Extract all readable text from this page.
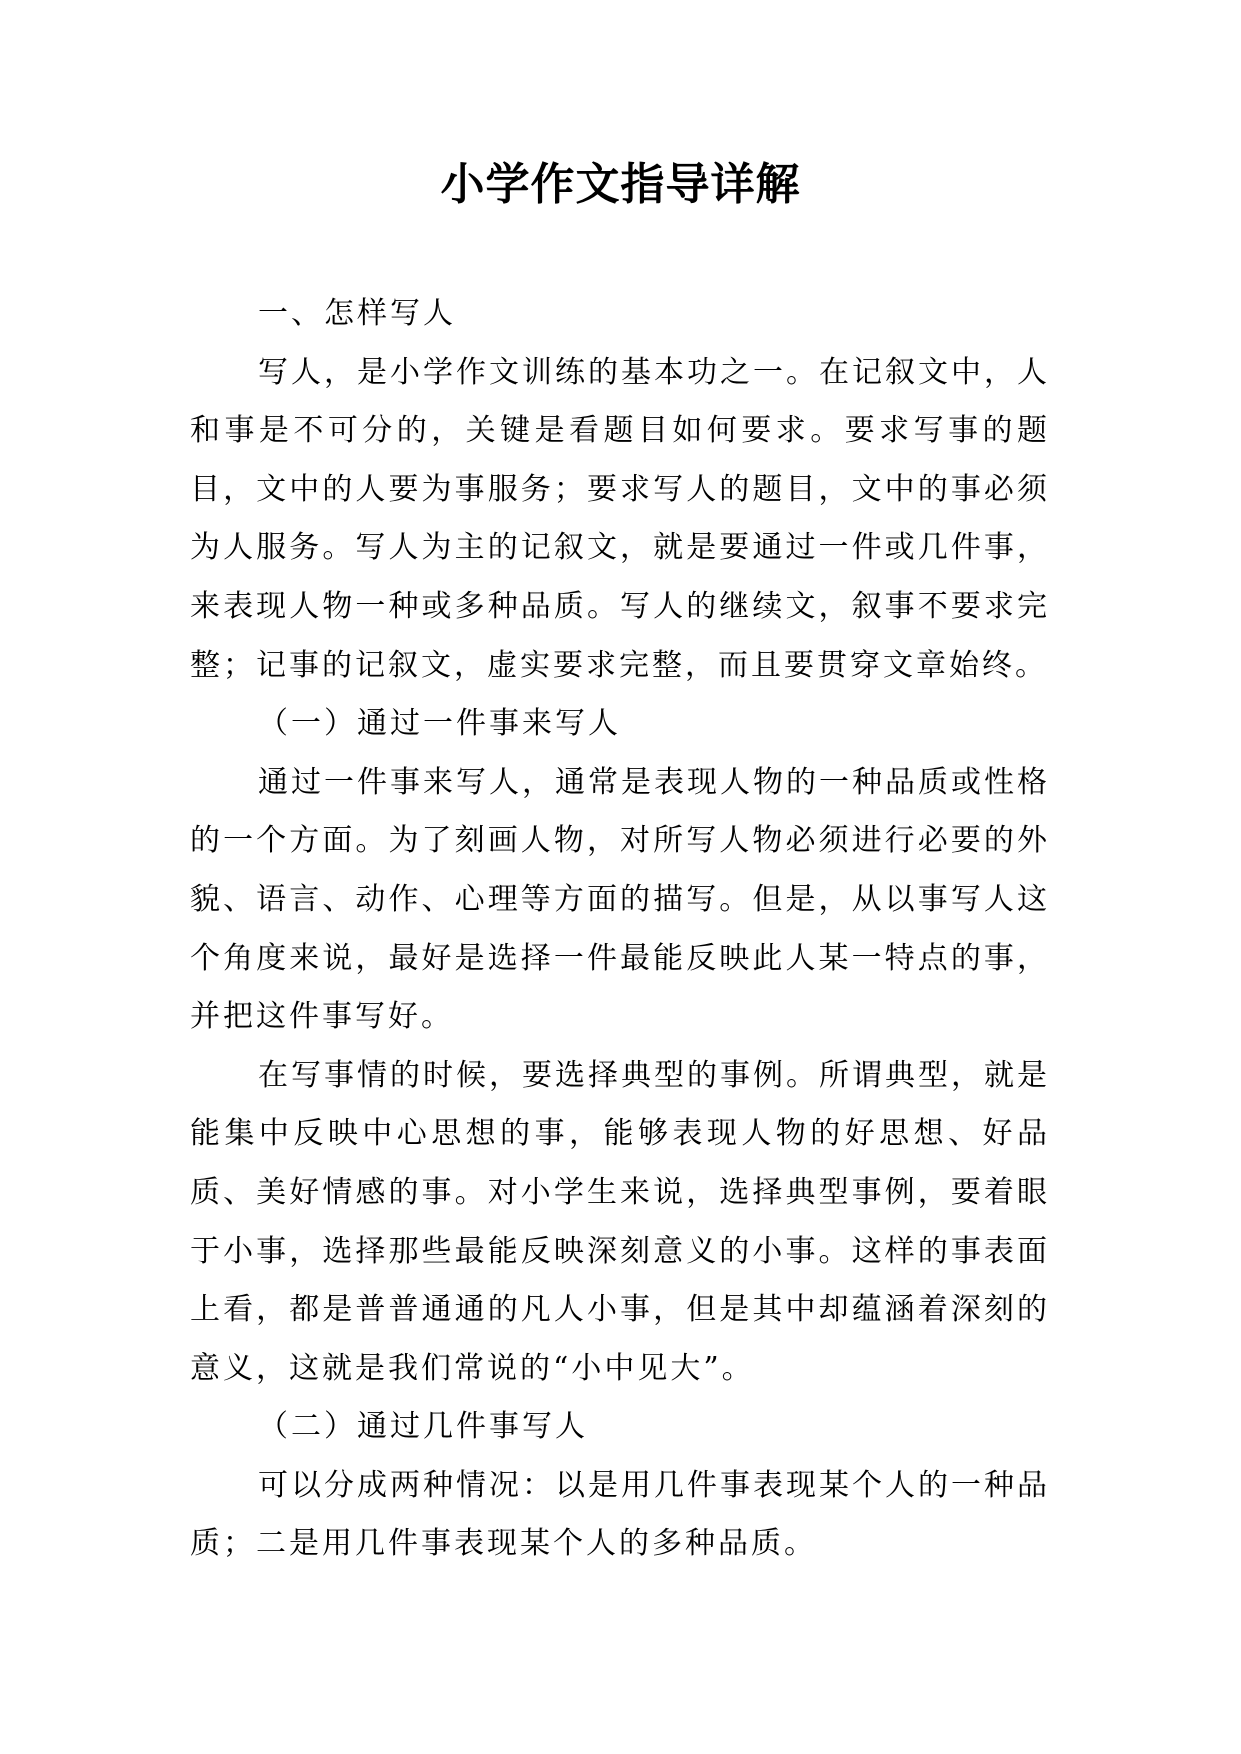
小学作文指导详解

一、怎样写人

写人，是小学作文训练的基本功之一。在记叙文中，人和事是不可分的，关键是看题目如何要求。要求写事的题目，文中的人要为事服务；要求写人的题目，文中的事必须为人服务。写人为主的记叙文，就是要通过一件或几件事，来表现人物一种或多种品质。写人的继续文，叙事不要求完整；记事的记叙文，虚实要求完整，而且要贯穿文章始终。

（一）通过一件事来写人

通过一件事来写人，通常是表现人物的一种品质或性格的一个方面。为了刻画人物，对所写人物必须进行必要的外貌、语言、动作、心理等方面的描写。但是，从以事写人这个角度来说，最好是选择一件最能反映此人某一特点的事，并把这件事写好。

在写事情的时候，要选择典型的事例。所谓典型，就是能集中反映中心思想的事，能够表现人物的好思想、好品质、美好情感的事。对小学生来说，选择典型事例，要着眼于小事，选择那些最能反映深刻意义的小事。这样的事表面上看，都是普普通通的凡人小事，但是其中却蕴涵着深刻的意义，这就是我们常说的“小中见大”。

（二）通过几件事写人

可以分成两种情况：以是用几件事表现某个人的一种品质；二是用几件事表现某个人的多种品质。
